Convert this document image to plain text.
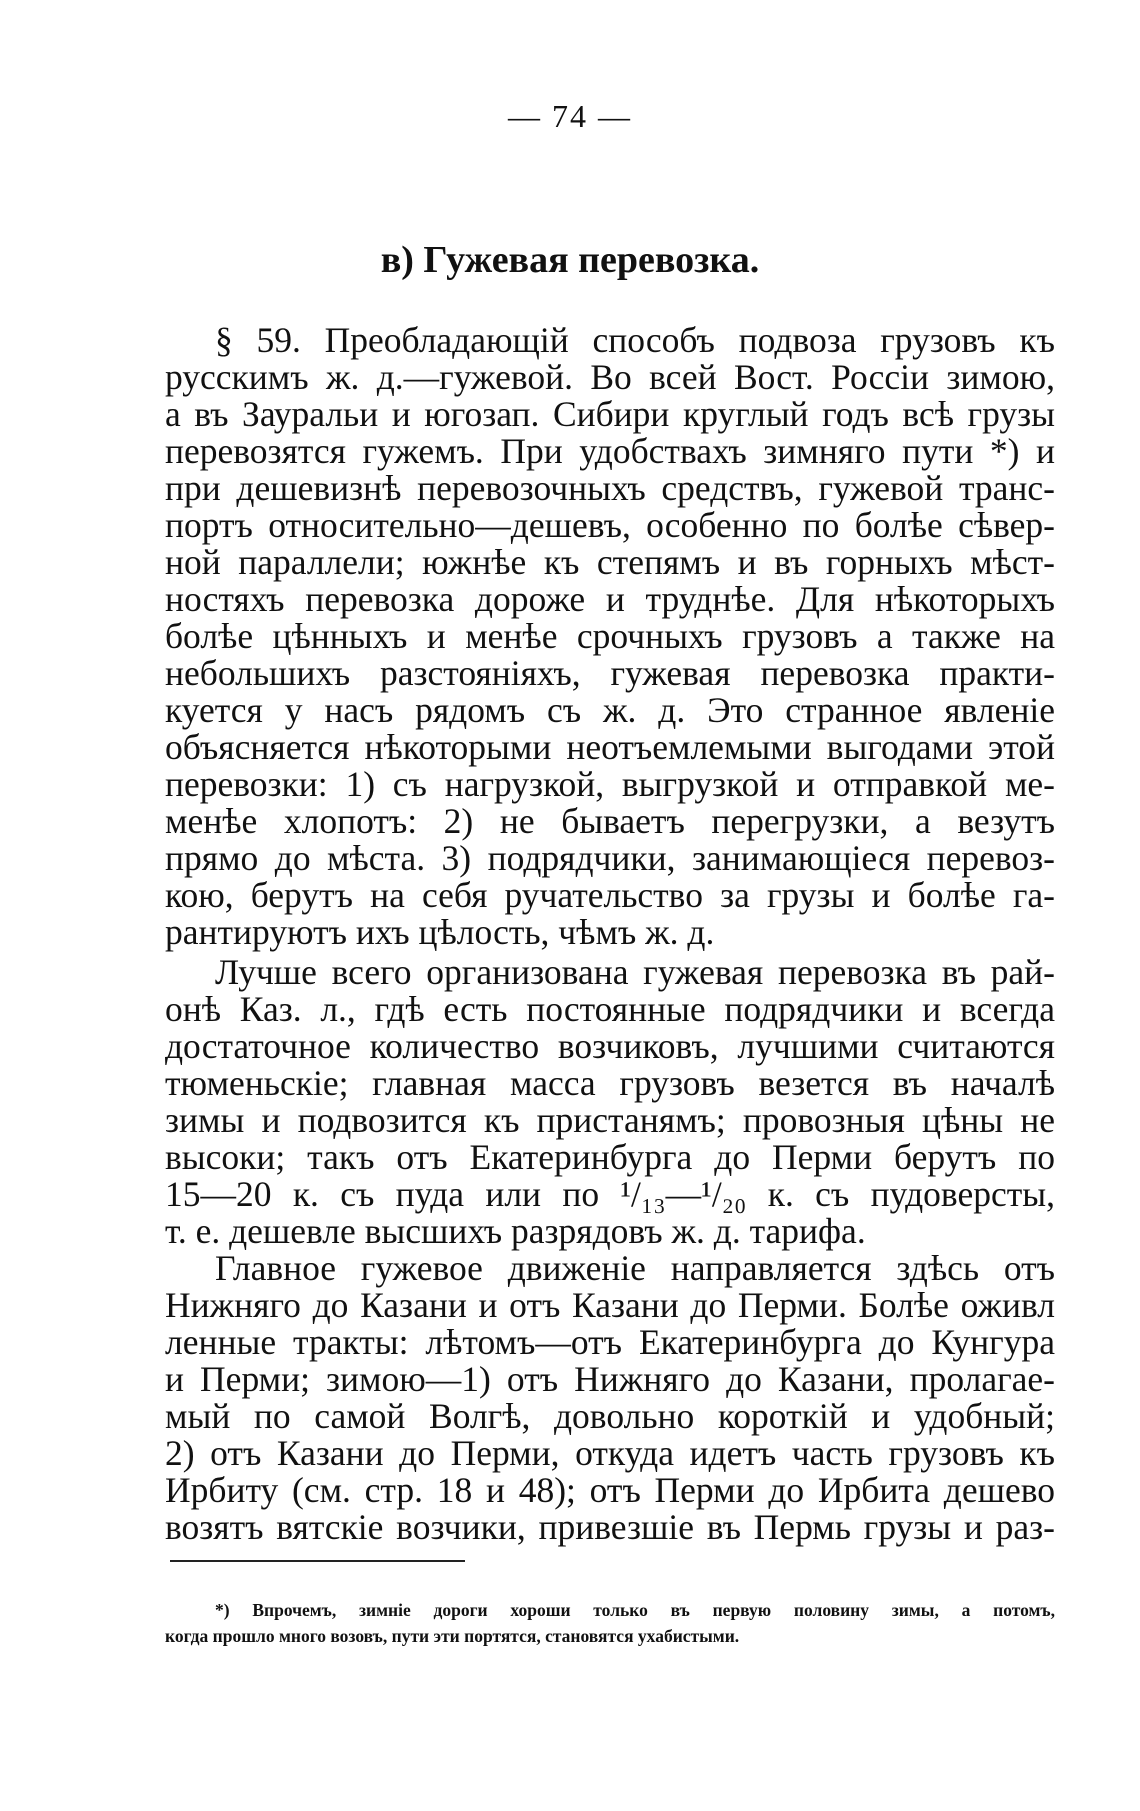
— 74 —
в) Гужевая перевозка.
§ 59. Преобладающій способъ подвоза грузовъ къ
русскимъ ж. д.—гужевой. Во всей Вост. Россіи зимою,
а въ Зауральи и югозап. Сибири круглый годъ всѣ грузы
перевозятся гужемъ. При удобствахъ зимняго пути *) и
при дешевизнѣ перевозочныхъ средствъ, гужевой транс-
портъ относительно—дешевъ, особенно по болѣе сѣвер-
ной параллели; южнѣе къ степямъ и въ горныхъ мѣст-
ностяхъ перевозка дороже и труднѣе. Для нѣкоторыхъ
болѣе цѣнныхъ и менѣе срочныхъ грузовъ а также на
небольшихъ разстояніяхъ, гужевая перевозка практи-
куется у насъ рядомъ съ ж. д. Это странное явленіе
объясняется нѣкоторыми неотъемлемыми выгодами этой
перевозки: 1) съ нагрузкой, выгрузкой и отправкой ме-
менѣе хлопотъ: 2) не бываетъ перегрузки, а везутъ
прямо до мѣста. 3) подрядчики, занимающіеся перевоз-
кою, берутъ на себя ручательство за грузы и болѣе га-
рантируютъ ихъ цѣлость, чѣмъ ж. д.
Лучше всего организована гужевая перевозка въ рай-
онѣ Каз. л., гдѣ есть постоянные подрядчики и всегда
достаточное количество возчиковъ, лучшими считаются
тюменьскіе; главная масса грузовъ везется въ началѣ
зимы и подвозится къ пристанямъ; провозныя цѣны не
высоки; такъ отъ Екатеринбурга до Перми берутъ по
15—20 к. съ пуда или по ¹/₁₃—¹/₂₀ к. съ пудоверсты,
т. е. дешевле высшихъ разрядовъ ж. д. тарифа.
Главное гужевое движеніе направляется здѣсь отъ
Нижняго до Казани и отъ Казани до Перми. Болѣе оживл
ленные тракты: лѣтомъ—отъ Екатеринбурга до Кунгура
и Перми; зимою—1) отъ Нижняго до Казани, пролагае-
мый по самой Волгѣ, довольно короткій и удобный;
2) отъ Казани до Перми, откуда идетъ часть грузовъ къ
Ирбиту (см. стр. 18 и 48); отъ Перми до Ирбита дешево
возятъ вятскіе возчики, привезшіе въ Пермь грузы и раз-
*) Впрочемъ, зимніе дороги хороши только въ первую половину зимы, а потомъ,
когда прошло много возовъ, пути эти портятся, становятся ухабистыми.
